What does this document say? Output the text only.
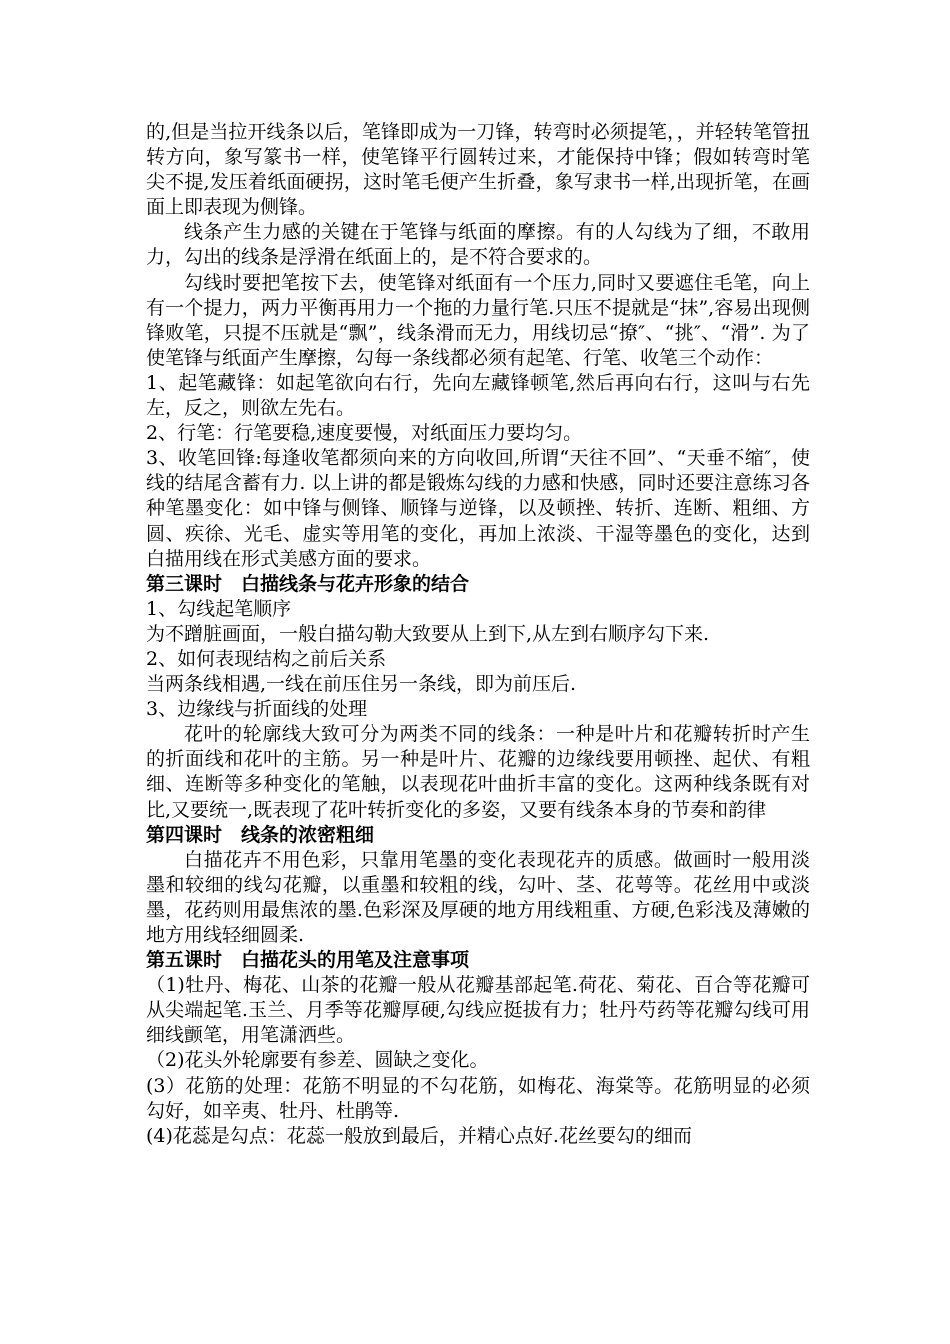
的,但是当拉开线条以后，笔锋即成为一刀锋，转弯时必须提笔，，并轻转笔管扭转方向，象写篆书一样，使笔锋平行圆转过来，才能保持中锋；假如转弯时笔尖不提,发压着纸面硬拐，这时笔毛便产生折叠，象写隶书一样,出现折笔，在画面上即表现为侧锋。

线条产生力感的关键在于笔锋与纸面的摩擦。有的人勾线为了细，不敢用力，勾出的线条是浮滑在纸面上的，是不符合要求的。

勾线时要把笔按下去，使笔锋对纸面有一个压力,同时又要遮住毛笔，向上有一个提力，两力平衡再用力一个拖的力量行笔.只压不提就是“抹”,容易出现侧锋败笔，只提不压就是“飘”，线条滑而无力，用线切忌“撩″、“挑″、“滑”. 为了使笔锋与纸面产生摩擦，勾每一条线都必须有起笔、行笔、收笔三个动作：

1、起笔藏锋：如起笔欲向右行，先向左藏锋顿笔,然后再向右行，这叫与右先左，反之，则欲左先右。

2、行笔：行笔要稳,速度要慢，对纸面压力要均匀。

3、收笔回锋:每逢收笔都须向来的方向收回,所谓“天往不回”、“天垂不缩″，使线的结尾含蓄有力. 以上讲的都是锻炼勾线的力感和快感，同时还要注意练习各种笔墨变化：如中锋与侧锋、顺锋与逆锋，以及顿挫、转折、连断、粗细、方圆、疾徐、光毛、虚实等用笔的变化，再加上浓淡、干湿等墨色的变化，达到白描用线在形式美感方面的要求。

第三课时　白描线条与花卉形象的结合

1、勾线起笔顺序

为不蹭脏画面，一般白描勾勒大致要从上到下,从左到右顺序勾下来.

2、如何表现结构之前后关系

当两条线相遇,一线在前压住另一条线，即为前压后.

3、边缘线与折面线的处理

花叶的轮廓线大致可分为两类不同的线条：一种是叶片和花瓣转折时产生的折面线和花叶的主筋。另一种是叶片、花瓣的边缘线要用顿挫、起伏、有粗细、连断等多种变化的笔触，以表现花叶曲折丰富的变化。这两种线条既有对比,又要统一,既表现了花叶转折变化的多姿，又要有线条本身的节奏和韵律

第四课时　线条的浓密粗细

白描花卉不用色彩，只靠用笔墨的变化表现花卉的质感。做画时一般用淡墨和较细的线勾花瓣，以重墨和较粗的线，勾叶、茎、花萼等。花丝用中或淡墨，花药则用最焦浓的墨.色彩深及厚硬的地方用线粗重、方硬,色彩浅及薄嫩的地方用线轻细圆柔.

第五课时　白描花头的用笔及注意事项

（1)牡丹、梅花、山茶的花瓣一般从花瓣基部起笔.荷花、菊花、百合等花瓣可从尖端起笔.玉兰、月季等花瓣厚硬,勾线应挺拔有力；牡丹芍药等花瓣勾线可用细线颤笔，用笔潇洒些。

（2)花头外轮廓要有参差、圆缺之变化。

(3）花筋的处理：花筋不明显的不勾花筋，如梅花、海棠等。花筋明显的必须勾好，如辛夷、牡丹、杜鹃等.

(4)花蕊是勾点：花蕊一般放到最后，并精心点好.花丝要勾的细而
